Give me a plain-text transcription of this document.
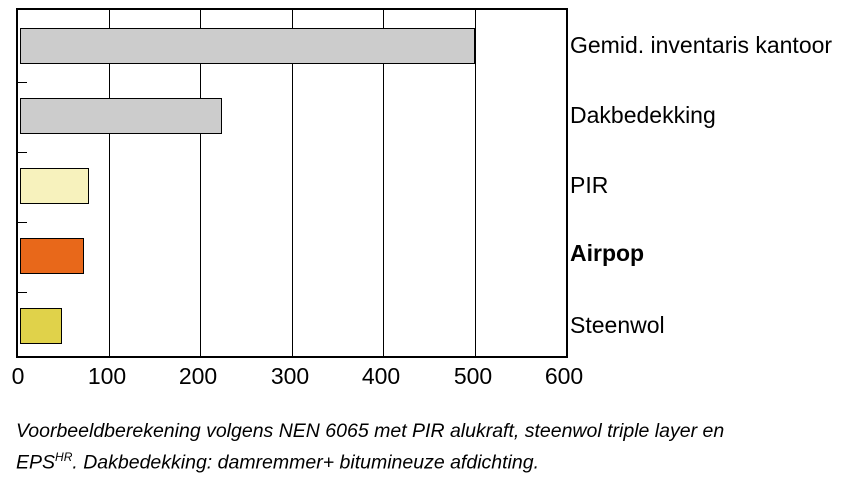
0	100 200 300 400 500 600
Gemid. inventaris kantoor
Dakbedekking
PIR
Airpop
Steenwol
Voorbeeldberekening volgens NEN 6065 met PIR alukraft, steenwol triple layer en
$EPS^{HR}$. Dakbedekking: damremmer+ bitumineuze afdichting.
